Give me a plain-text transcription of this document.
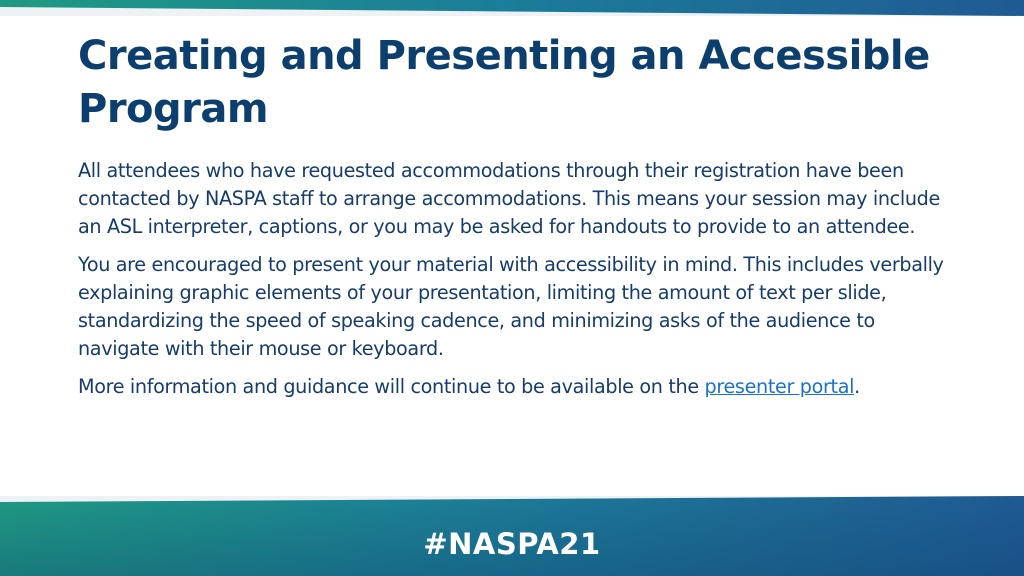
Creating and Presenting an Accessible Program

All attendees who have requested accommodations through their registration have been contacted by NASPA staff to arrange accommodations. This means your session may include an ASL interpreter, captions, or you may be asked for handouts to provide to an attendee.

You are encouraged to present your material with accessibility in mind. This includes verbally explaining graphic elements of your presentation, limiting the amount of text per slide, standardizing the speed of speaking cadence, and minimizing asks of the audience to navigate with their mouse or keyboard.

More information and guidance will continue to be available on the presenter portal.

#NASPA21
